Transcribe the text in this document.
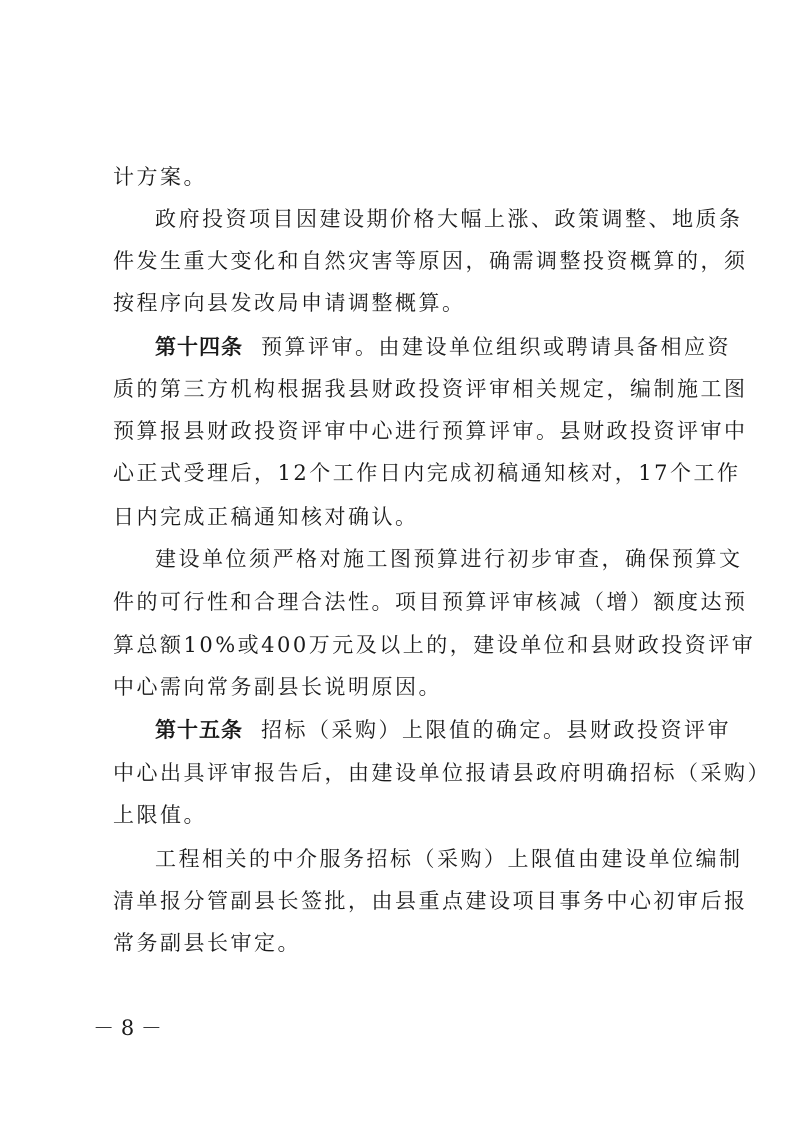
计方案。
政府投资项目因建设期价格大幅上涨、政策调整、地质条
件发生重大变化和自然灾害等原因，确需调整投资概算的，须
按程序向县发改局申请调整概算。
第十四条 预算评审。由建设单位组织或聘请具备相应资
质的第三方机构根据我县财政投资评审相关规定，编制施工图
预算报县财政投资评审中心进行预算评审。县财政投资评审中
心正式受理后，12个工作日内完成初稿通知核对，17个工作
日内完成正稿通知核对确认。
建设单位须严格对施工图预算进行初步审查，确保预算文
件的可行性和合理合法性。项目预算评审核减（增）额度达预
算总额10%或400万元及以上的，建设单位和县财政投资评审
中心需向常务副县长说明原因。
第十五条 招标（采购）上限值的确定。县财政投资评审
中心出具评审报告后，由建设单位报请县政府明确招标（采购）
上限值。
工程相关的中介服务招标（采购）上限值由建设单位编制
清单报分管副县长签批，由县重点建设项目事务中心初审后报
常务副县长审定。
－ 8 －
